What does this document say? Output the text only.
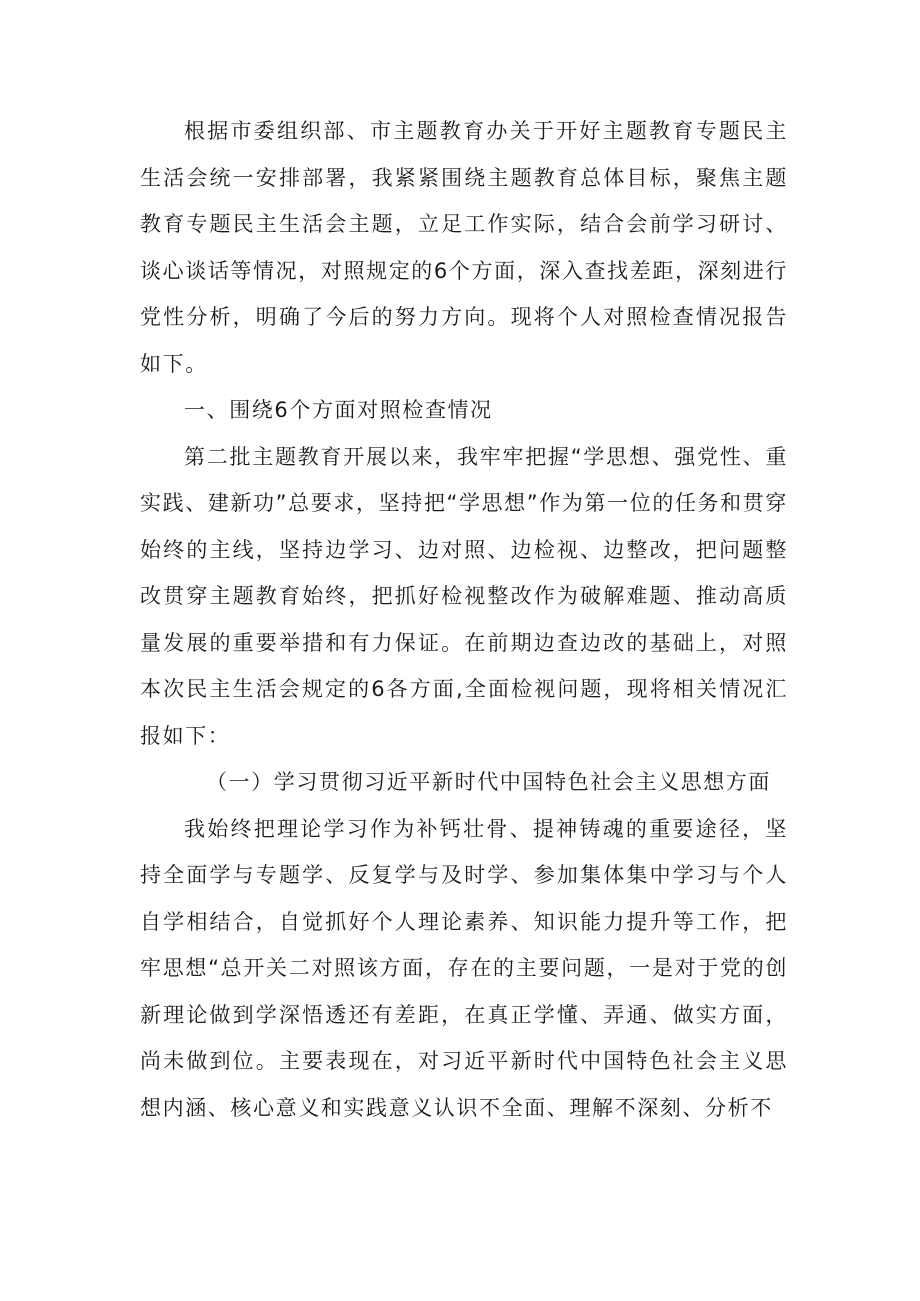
根据市委组织部、市主题教育办关于开好主题教育专题民主生活会统一安排部署，我紧紧围绕主题教育总体目标，聚焦主题教育专题民主生活会主题，立足工作实际，结合会前学习研讨、谈心谈话等情况，对照规定的6个方面，深入查找差距，深刻进行党性分析，明确了今后的努力方向。现将个人对照检查情况报告如下。

一、围绕6个方面对照检查情况

第二批主题教育开展以来，我牢牢把握“学思想、强党性、重实践、建新功”总要求，坚持把“学思想”作为第一位的任务和贯穿始终的主线，坚持边学习、边对照、边检视、边整改，把问题整改贯穿主题教育始终，把抓好检视整改作为破解难题、推动高质量发展的重要举措和有力保证。在前期边查边改的基础上，对照本次民主生活会规定的6各方面,全面检视问题，现将相关情况汇报如下：

（一）学习贯彻习近平新时代中国特色社会主义思想方面

我始终把理论学习作为补钙壮骨、提神铸魂的重要途径，坚持全面学与专题学、反复学与及时学、参加集体集中学习与个人自学相结合，自觉抓好个人理论素养、知识能力提升等工作，把牢思想“总开关二对照该方面，存在的主要问题，一是对于党的创新理论做到学深悟透还有差距，在真正学懂、弄通、做实方面，尚未做到位。主要表现在，对习近平新时代中国特色社会主义思想内涵、核心意义和实践意义认识不全面、理解不深刻、分析不
